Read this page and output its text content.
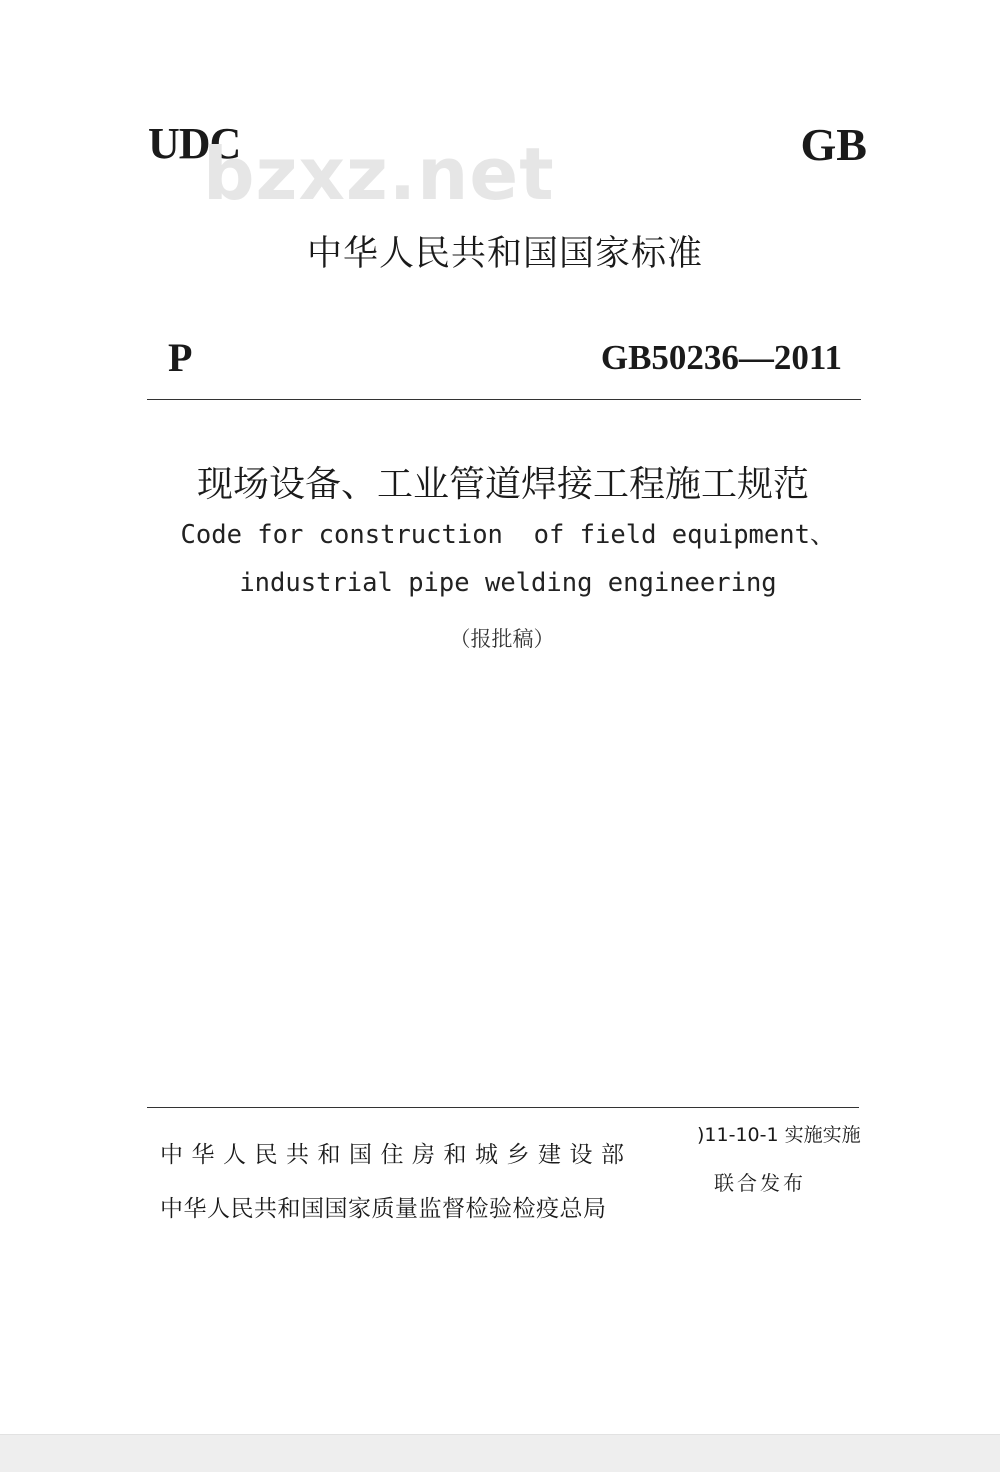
UDC
bzxz.net	GB
中华人民共和国国家标准
P	GB50236—2011
现场设备、工业管道焊接工程施工规范
Code for construction  of field equipment、
industrial pipe welding engineering
（报批稿）
中华人民共和国住房和城乡建设部
中华人民共和国国家质量监督检验检疫总局
)11-10-1 实施实施
联合发布
